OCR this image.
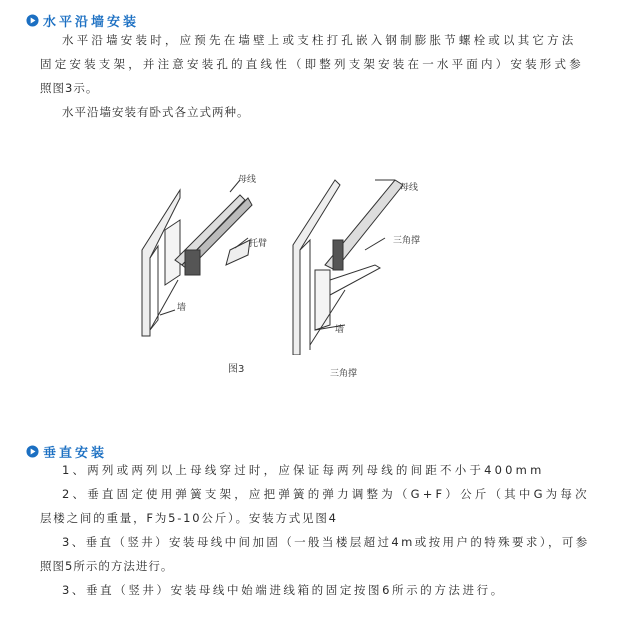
水平沿墙安装
水平沿墙安装时，应预先在墙壁上或支柱打孔嵌入钢制膨胀节螺栓或以其它方法
固定安装支架，并注意安装孔的直线性（即整列支架安装在一水平面内）安装形式参
照图3示。
水平沿墙安装有卧式各立式两种。
母线
托臂
墙
图3
母线
三角撑
墙
三角撑
垂直安装
1、两列或两列以上母线穿过时，应保证每两列母线的间距不小于400mm
2、垂直固定使用弹簧支架，应把弹簧的弹力调整为（G+F）公斤（其中G为每次
层楼之间的重量，F为5-10公斤）。安装方式见图4
3、垂直（竖井）安装母线中间加固（一般当楼层超过4m或按用户的特殊要求），可参
照图5所示的方法进行。
3、垂直（竖井）安装母线中始端进线箱的固定按图6所示的方法进行。
